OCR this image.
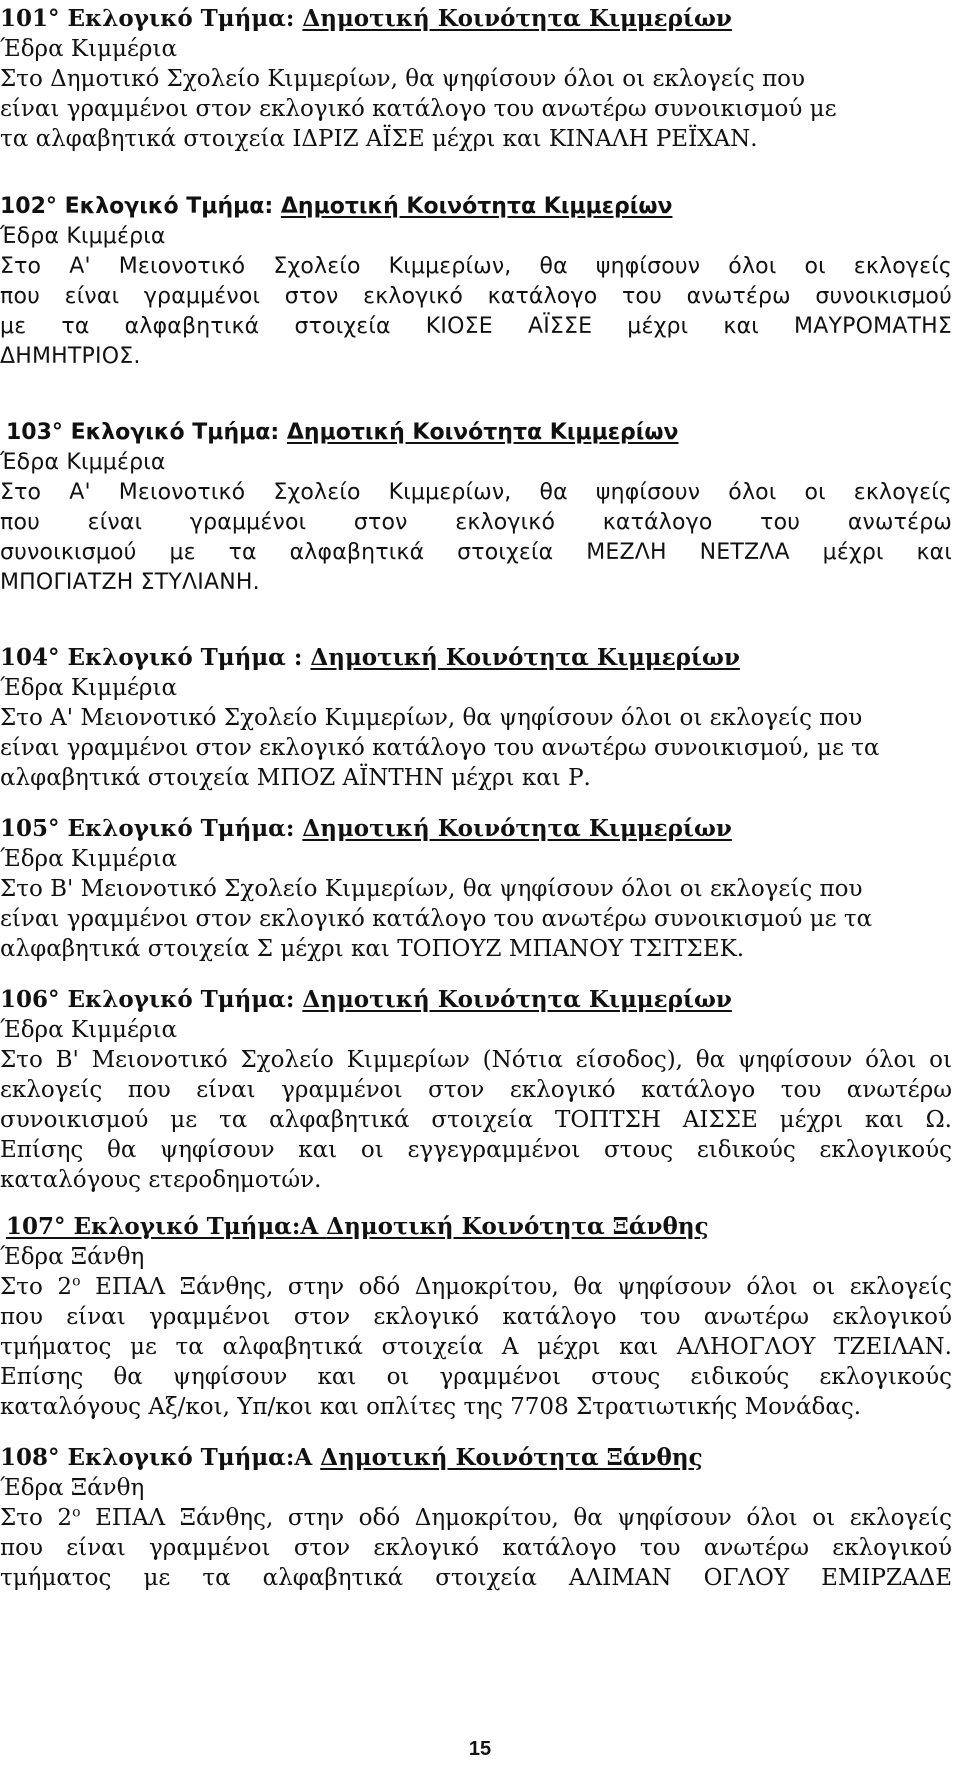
101° Εκλογικό Τμήμα: Δημοτική Κοινότητα Κιμμερίων
Έδρα Κιμμέρια
Στο Δημοτικό Σχολείο Κιμμερίων, θα ψηφίσουν όλοι οι εκλογείς που
είναι γραμμένοι στον εκλογικό κατάλογο του ανωτέρω συνοικισμού με
τα αλφαβητικά στοιχεία ΙΔΡΙΖ ΑΪΣΕ μέχρι και ΚΙΝΑΛΗ ΡΕΪΧΑΝ.
102° Εκλογικό Τμήμα: Δημοτική Κοινότητα Κιμμερίων
Έδρα Κιμμέρια
Στο Α' Μειονοτικό Σχολείο Κιμμερίων, θα ψηφίσουν όλοι οι εκλογείς
που είναι γραμμένοι στον εκλογικό κατάλογο του ανωτέρω συνοικισμού
με τα αλφαβητικά στοιχεία ΚΙΟΣΕ ΑΪΣΣΕ μέχρι και ΜΑΥΡΟΜΑΤΗΣ
ΔΗΜΗΤΡΙΟΣ.
103° Εκλογικό Τμήμα: Δημοτική Κοινότητα Κιμμερίων
Έδρα Κιμμέρια
Στο Α' Μειονοτικό Σχολείο Κιμμερίων, θα ψηφίσουν όλοι οι εκλογείς
που είναι γραμμένοι στον εκλογικό κατάλογο του ανωτέρω
συνοικισμού με τα αλφαβητικά στοιχεία ΜΕΖΛΗ ΝΕΤΖΛΑ μέχρι και
ΜΠΟΓΙΑΤΖΗ ΣΤΥΛΙΑΝΗ.
104° Εκλογικό Τμήμα : Δημοτική Κοινότητα Κιμμερίων
Έδρα Κιμμέρια
Στο Α' Μειονοτικό Σχολείο Κιμμερίων, θα ψηφίσουν όλοι οι εκλογείς που
είναι γραμμένοι στον εκλογικό κατάλογο του ανωτέρω συνοικισμού, με τα
αλφαβητικά στοιχεία ΜΠΟΖ ΑΪΝΤΗΝ μέχρι και Ρ.
105° Εκλογικό Τμήμα: Δημοτική Κοινότητα Κιμμερίων
Έδρα Κιμμέρια
Στο Β' Μειονοτικό Σχολείο Κιμμερίων, θα ψηφίσουν όλοι οι εκλογείς που
είναι γραμμένοι στον εκλογικό κατάλογο του ανωτέρω συνοικισμού με τα
αλφαβητικά στοιχεία Σ μέχρι και ΤΟΠΟΥΖ ΜΠΑΝΟΥ ΤΣΙΤΣΕΚ.
106° Εκλογικό Τμήμα: Δημοτική Κοινότητα Κιμμερίων
Έδρα Κιμμέρια
Στο Β' Μειονοτικό Σχολείο Κιμμερίων (Νότια είσοδος), θα ψηφίσουν όλοι οι
εκλογείς που είναι γραμμένοι στον εκλογικό κατάλογο του ανωτέρω
συνοικισμού με τα αλφαβητικά στοιχεία ΤΟΠΤΣΗ ΑΙΣΣΕ μέχρι και Ω.
Επίσης θα ψηφίσουν και οι εγγεγραμμένοι στους ειδικούς εκλογικούς
καταλόγους ετεροδημοτών.
107° Εκλογικό Τμήμα:Α Δημοτική Κοινότητα Ξάνθης
Έδρα Ξάνθη
Στο $2^o$ ΕΠΑΛ Ξάνθης, στην οδό Δημοκρίτου, θα ψηφίσουν όλοι οι εκλογείς
που είναι γραμμένοι στον εκλογικό κατάλογο του ανωτέρω εκλογικού
τμήματος με τα αλφαβητικά στοιχεία Α μέχρι και ΑΛΗΟΓΛΟΥ ΤΖΕΙΛΑΝ.
Επίσης θα ψηφίσουν και οι γραμμένοι στους ειδικούς εκλογικούς
καταλόγους Αξ/κοι, Υπ/κοι και οπλίτες της 7708 Στρατιωτικής Μονάδας.
108° Εκλογικό Τμήμα:Α Δημοτική Κοινότητα Ξάνθης
Έδρα Ξάνθη
Στο $2^o$ ΕΠΑΛ Ξάνθης, στην οδό Δημοκρίτου, θα ψηφίσουν όλοι οι εκλογείς
που είναι γραμμένοι στον εκλογικό κατάλογο του ανωτέρω εκλογικού
τμήματος με τα αλφαβητικά στοιχεία ΑΛΙΜΑΝ ΟΓΛΟΥ ΕΜΙΡΖΑΔΕ
15
